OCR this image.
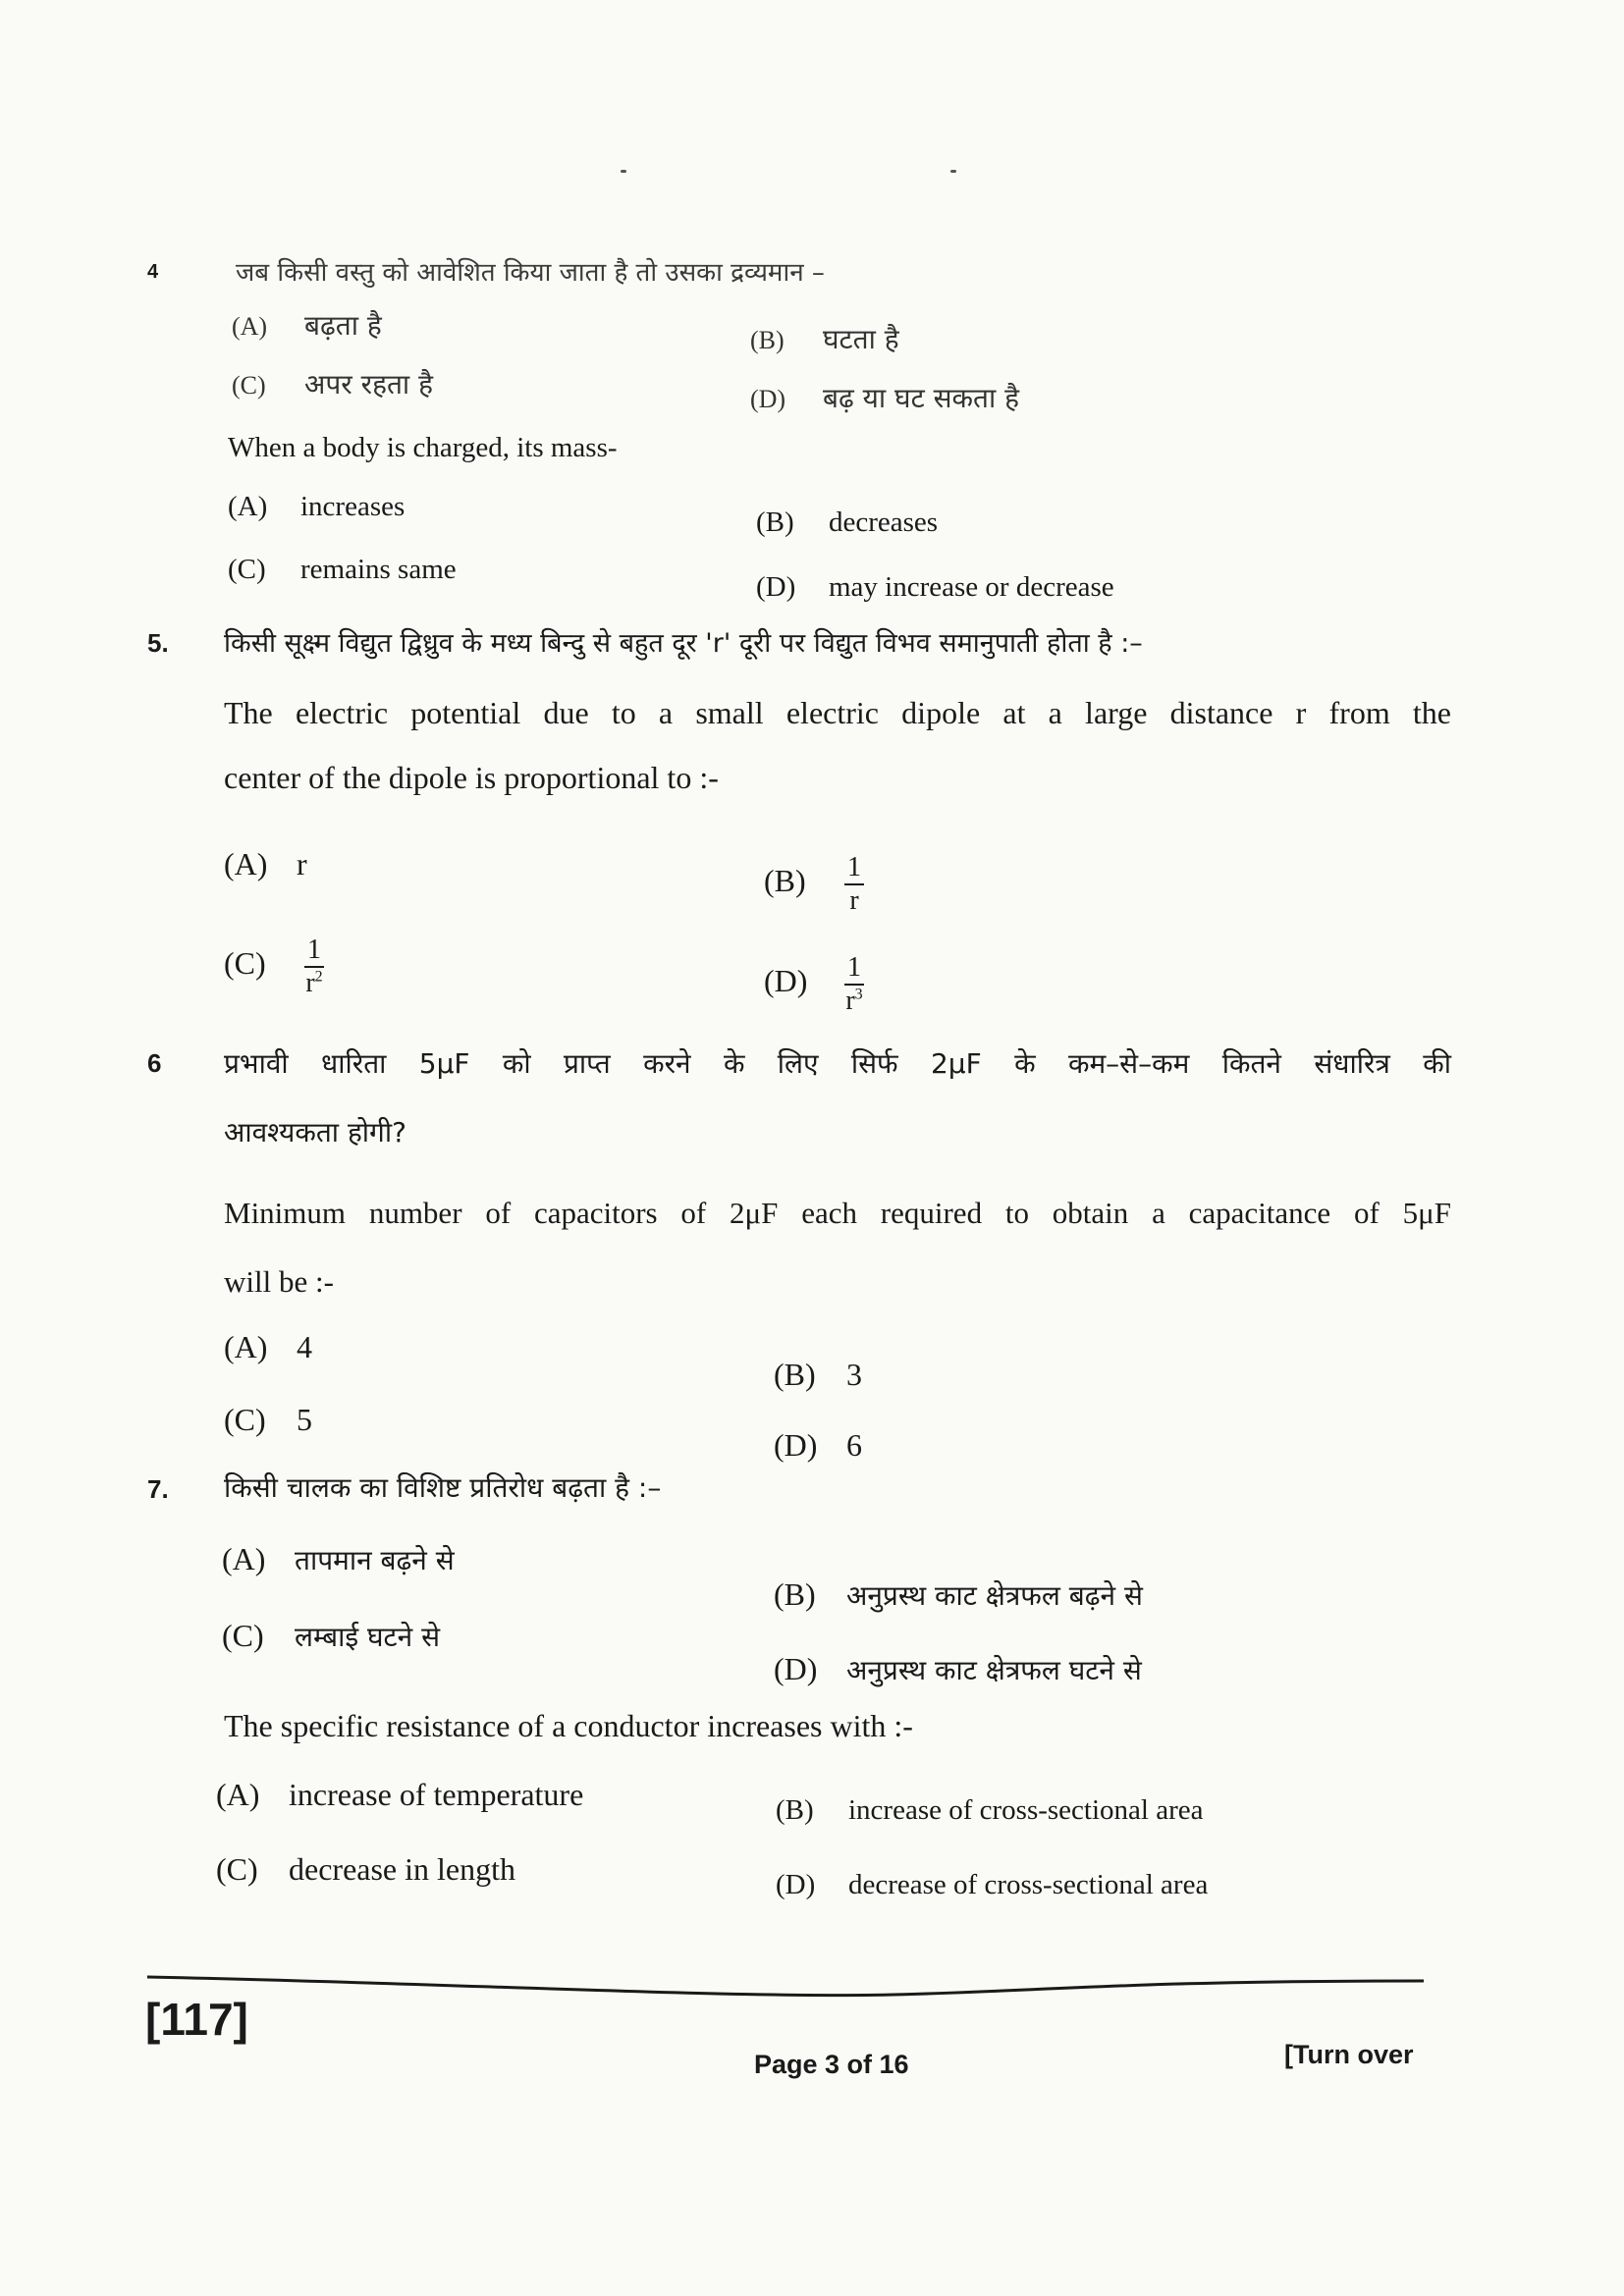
4	जब किसी वस्तु को आवेशित किया जाता है तो उसका द्रव्यमान –
(A) बढ़ता है	(B) घटता है
(C) अपर रहता है	(D) बढ़ या घट सकता है
When a body is charged, its mass-
(A) increases	(B) decreases
(C) remains same
(D) may increase or decrease
5. किसी सूक्ष्म विद्युत द्विध्रुव के मध्य बिन्दु से बहुत दूर 'r' दूरी पर विद्युत विभव समानुपाती होता है :–
The electric potential due to a small electric dipole at a large distance r from the
center of the dipole is proportional to :-
(A) r	$(B) \frac{1}{r}$
$(C) \frac{1}{r^2}$	$(D) \frac{1}{r^3}$
6 प्रभावी धारिता 5μF को प्राप्त करने के लिए सिर्फ 2μF के कम–से–कम कितने संधारित्र की
आवश्यकता होगी?
Minimum number of capacitors of 2μF each required to obtain a capacitance of 5μF
will be :-
(A) 4
(B) 3
(C) 5
(D) 6
7. किसी चालक का विशिष्ट प्रतिरोध बढ़ता है :–
(A) तापमान बढ़ने से
(B) अनुप्रस्थ काट क्षेत्रफल बढ़ने से
(C) लम्बाई घटने से
(D) अनुप्रस्थ काट क्षेत्रफल घटने से
The specific resistance of a conductor increases with :-
(A) increase of temperature	(B) increase of cross-sectional area
(C) decrease in length	(D) decrease of cross-sectional area
[117]
Page 3 of 16	[Turn over
